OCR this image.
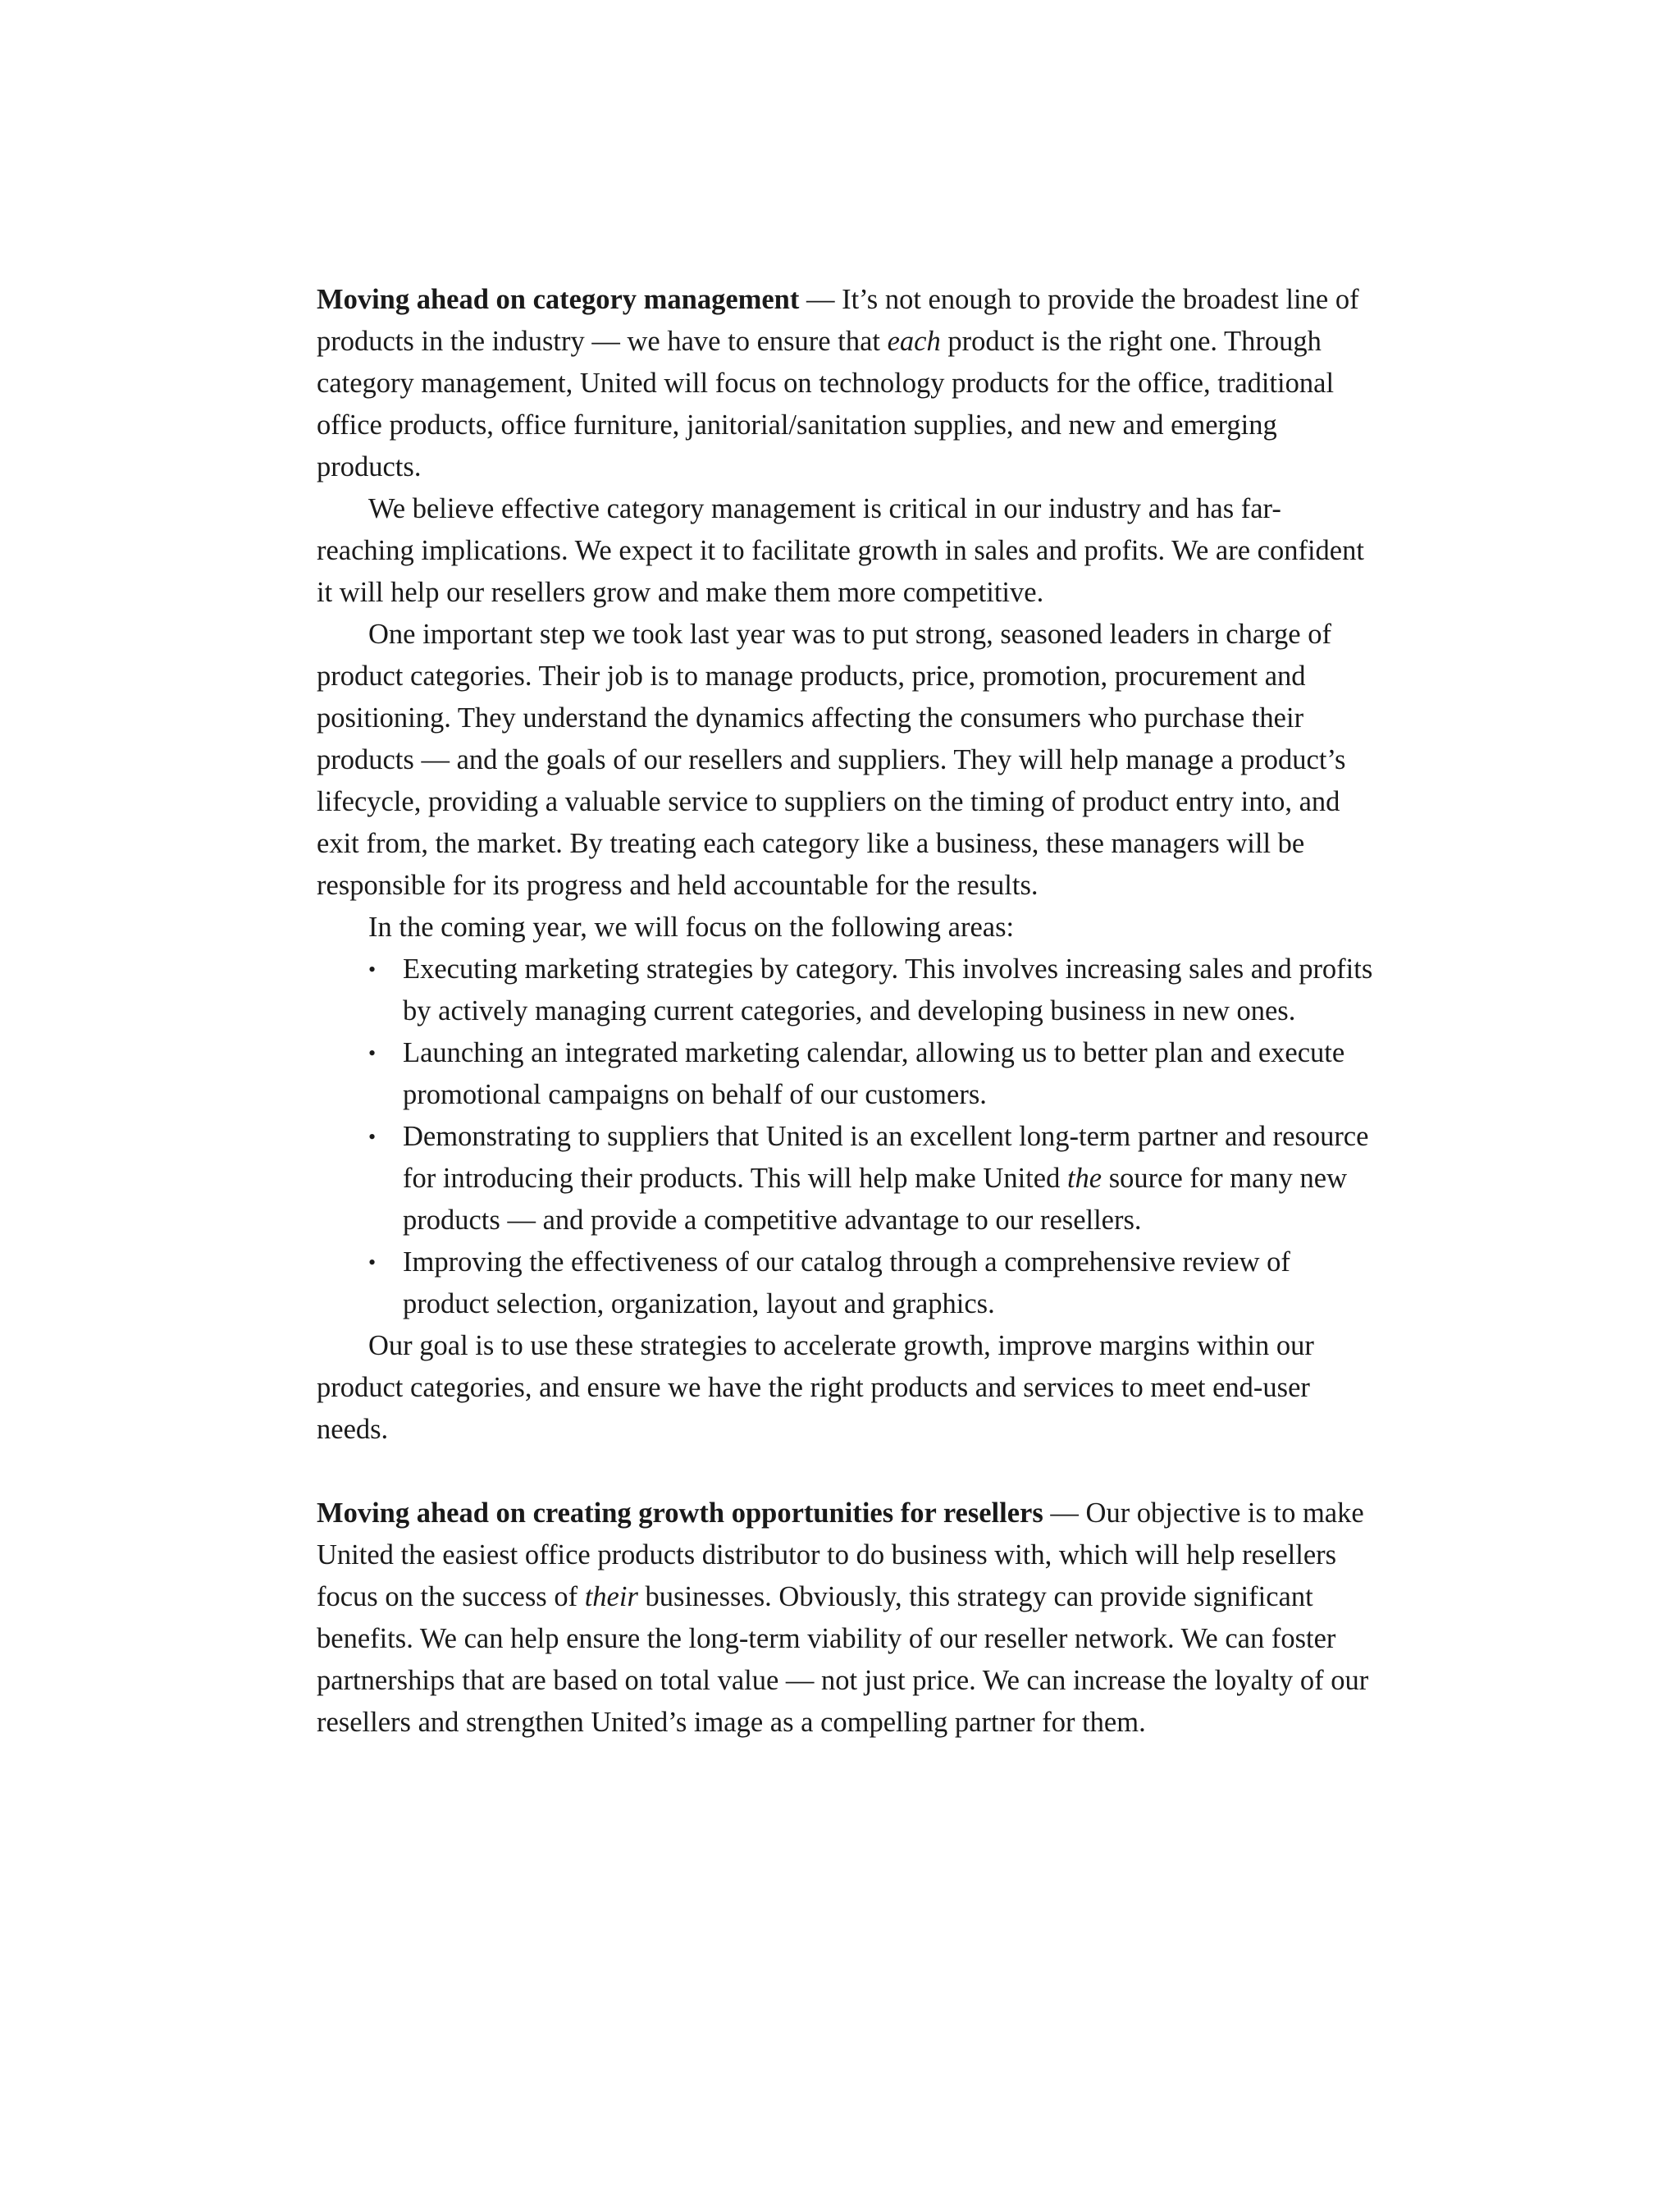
Moving ahead on category management — It’s not enough to provide the broadest line of products in the industry — we have to ensure that each product is the right one. Through category management, United will focus on technology products for the office, traditional office products, office furniture, janitorial/sanitation supplies, and new and emerging products.

We believe effective category management is critical in our industry and has far-reaching implications. We expect it to facilitate growth in sales and profits. We are confident it will help our resellers grow and make them more competitive.

One important step we took last year was to put strong, seasoned leaders in charge of product categories. Their job is to manage products, price, promotion, procurement and positioning. They understand the dynamics affecting the consumers who purchase their products — and the goals of our resellers and suppliers. They will help manage a product’s lifecycle, providing a valuable service to suppliers on the timing of product entry into, and exit from, the market. By treating each category like a business, these managers will be responsible for its progress and held accountable for the results.

In the coming year, we will focus on the following areas:

• Executing marketing strategies by category. This involves increasing sales and profits by actively managing current categories, and developing business in new ones.
• Launching an integrated marketing calendar, allowing us to better plan and execute promotional campaigns on behalf of our customers.
• Demonstrating to suppliers that United is an excellent long-term partner and resource for introducing their products. This will help make United the source for many new products — and provide a competitive advantage to our resellers.
• Improving the effectiveness of our catalog through a comprehensive review of product selection, organization, layout and graphics.

Our goal is to use these strategies to accelerate growth, improve margins within our product categories, and ensure we have the right products and services to meet end-user needs.

Moving ahead on creating growth opportunities for resellers — Our objective is to make United the easiest office products distributor to do business with, which will help resellers focus on the success of their businesses. Obviously, this strategy can provide significant benefits. We can help ensure the long-term viability of our reseller network. We can foster partnerships that are based on total value — not just price. We can increase the loyalty of our resellers and strengthen United’s image as a compelling partner for them.
